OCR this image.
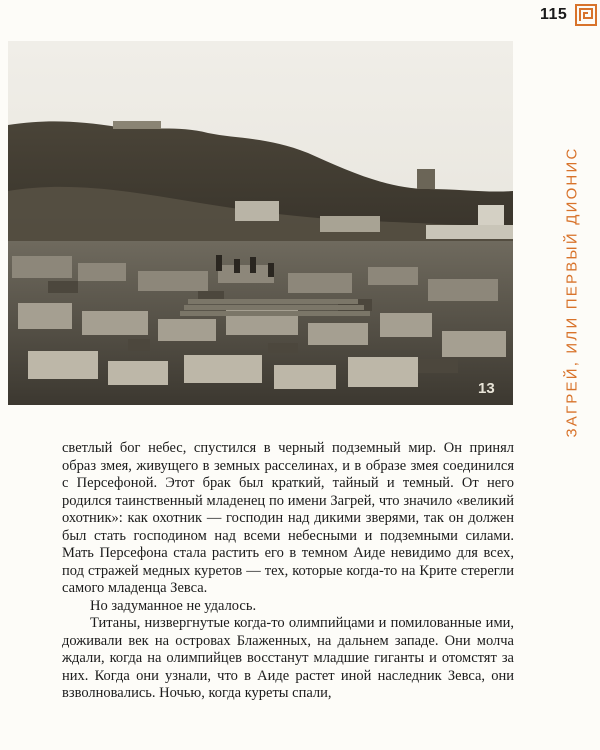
115
ЗАГРЕЙ, ИЛИ ПЕРВЫЙ ДИОНИС
13

светлый бог небес, спустился в черный подземный мир. Он принял образ змея, живущего в земных расселинах, и в образе змея соединился с Персефоной. Этот брак был краткий, тайный и темный. От него родился таинственный младенец по имени Загрей, что значило «великий охотник»: как охотник — господин над дикими зверями, так он должен был стать господином над всеми небесными и подземными силами. Мать Персефона стала растить его в темном Аиде невидимо для всех, под стражей медных куретов — тех, которые когда-то на Крите стерегли самого младенца Зевса.

Но задуманное не удалось.

Титаны, низвергнутые когда-то олимпийцами и помилованные ими, доживали век на островах Блаженных, на дальнем западе. Они молча ждали, когда на олимпийцев восстанут младшие гиганты и отомстят за них. Когда они узнали, что в Аиде растет иной наследник Зевса, они взволновались. Ночью, когда куреты спали,
